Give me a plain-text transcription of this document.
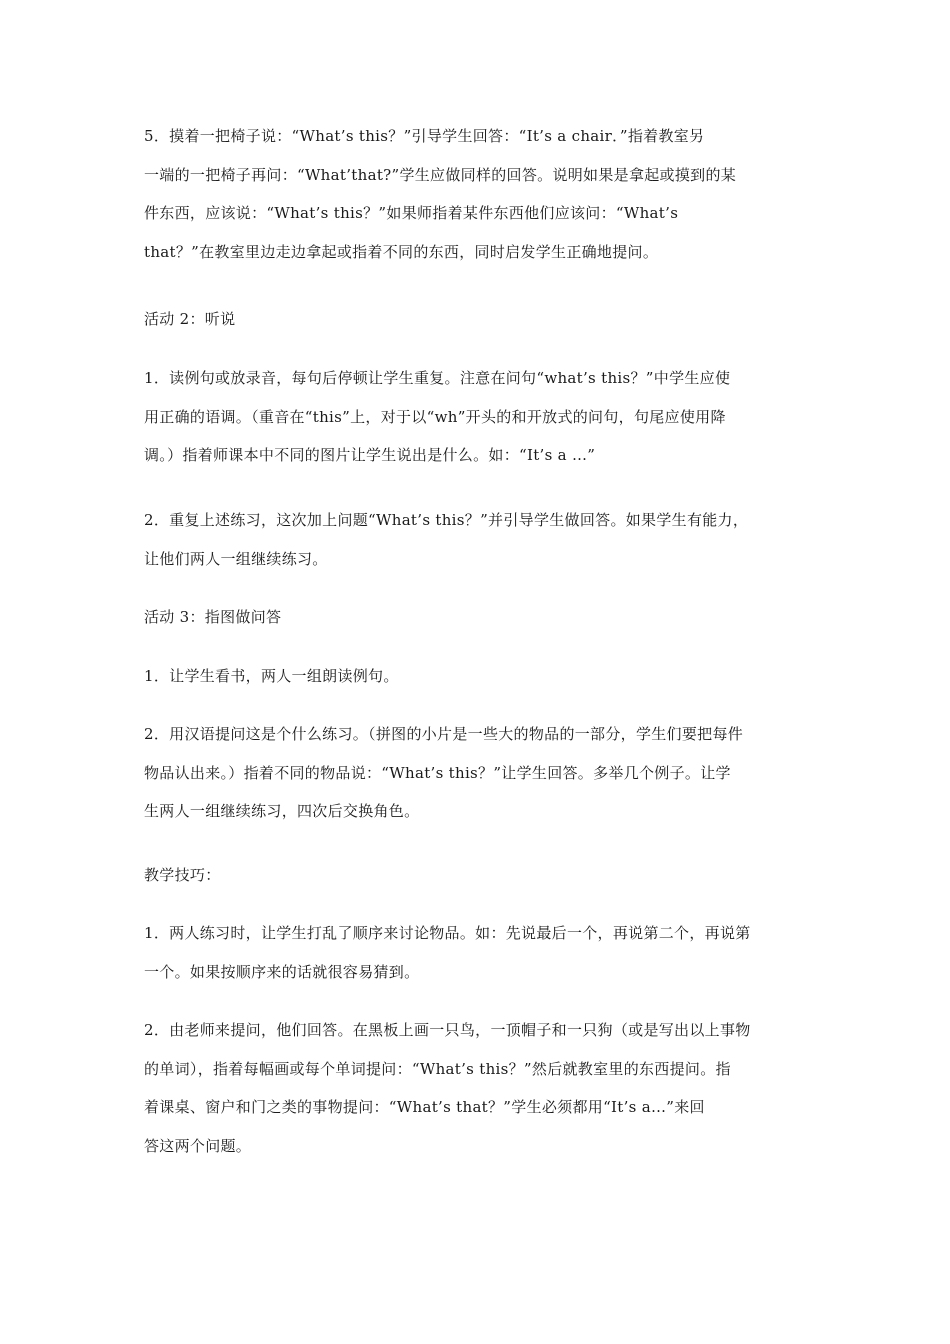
5．摸着一把椅子说：“What’s this？”引导学生回答：“It’s a chair．”指着教室另
一端的一把椅子再问：“What’that?”学生应做同样的回答。说明如果是拿起或摸到的某
件东西，应该说：“What’s this？”如果师指着某件东西他们应该问：“What’s
that？”在教室里边走边拿起或指着不同的东西，同时启发学生正确地提问。
活动 2：听说
1．读例句或放录音，每句后停顿让学生重复。注意在问句“what’s this？”中学生应使
用正确的语调。（重音在“this”上，对于以“wh”开头的和开放式的问句，句尾应使用降
调。）指着师课本中不同的图片让学生说出是什么。如：“It’s a …”
2．重复上述练习，这次加上问题“What’s this？”并引导学生做回答。如果学生有能力，
让他们两人一组继续练习。
活动 3：指图做问答
1．让学生看书，两人一组朗读例句。
2．用汉语提问这是个什么练习。（拼图的小片是一些大的物品的一部分，学生们要把每件
物品认出来。）指着不同的物品说：“What’s this？”让学生回答。多举几个例子。让学
生两人一组继续练习，四次后交换角色。
教学技巧：
1．两人练习时，让学生打乱了顺序来讨论物品。如：先说最后一个，再说第二个，再说第
一个。如果按顺序来的话就很容易猜到。
2．由老师来提问，他们回答。在黑板上画一只鸟，一顶帽子和一只狗（或是写出以上事物
的单词），指着每幅画或每个单词提问：“What’s this？”然后就教室里的东西提问。指
着课桌、窗户和门之类的事物提问：“What’s that？”学生必须都用“It’s a…”来回
答这两个问题。
